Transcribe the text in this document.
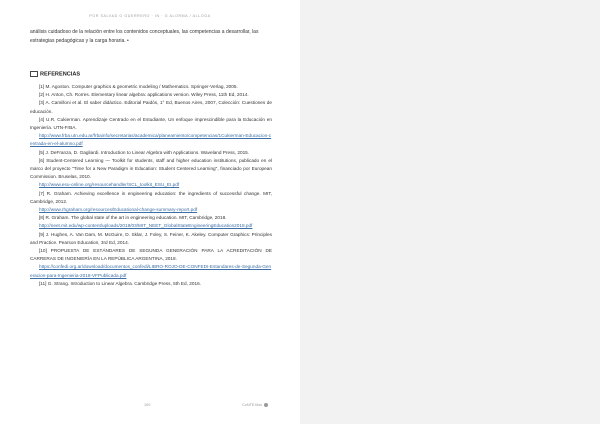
POR SALVAD O GUERRERO · IN · G ALORMA / ALLOGA
análisis cuidadoso de la relación entre los contenidos conceptuales, las competencias a desarrollar, las estrategias pedagógicas y la carga horaria. •
REFERENCIAS

[1] M. Agoston. Computer graphics & geometric modeling / Mathematics. Springer-Verlag, 2005.

[2] H. Anton, Ch. Rorres. Elementary linear algebra: applications version. Wiley Press, 11th Ed, 2014.

[3] A. Camilloni et al. El saber didáctico. Editorial Paidós, 1° Ed, Buenos Aires, 2007, Colección: Cuestiones de educación.

[4] U.R. Cukierman. Aprendizaje Centrado en el Estudiante, Un enfoque imprescindible para la Educación en Ingeniería. UTN-FrBA.

http://www.frba.utn.edu.ar/frbainfo/secretarias/academica/planeamiento/competencias/1Cukierman-Educacion-centrada-en-el-alumno.pdf

[5] J. DeFranza, D. Gagliardi. Introduction to Linear Algebra with Applications. Waveland Press, 2015.

[6] Student-Centered Learning — Toolkit for students, staff and higher education institutions, publicado en el marco del proyecto "Time for a New Paradigm in Education: Student Centered Learning", financiado por European Commission. Bruselas, 2010.

http://www.esu-online.org/resourcehandler/SCL_toolkit_ESU_EI.pdf

[7] R. Graham. Achieving excellence in engineering education: the ingredients of successful change. MIT, Cambridge, 2012.

http://www.rhgraham.org/resources/Educational-change-summary-report.pdf

[8] R. Graham. The global state of the art in engineering education. MIT, Cambridge, 2018.

http://neet.mit.edu/wp-content/uploads/2018/03/MIT_NEET_GlobalStateEngineeringEducation2018.pdf

[9] J. Hughes, A. Van Dam, M. McGuire, D. Sklar, J. Foley, S. Feiner, K. Akeley. Computer Graphics: Principles and Practice. Pearson Education, 3rd Ed, 2014.

[10] PROPUESTA DE ESTÁNDARES DE SEGUNDA GENERACIÓN PARA LA ACREDITACIÓN DE CARRERAS DE INGENIERÍA EN LA REPÚBLICA ARGENTINA, 2018.

https://confedi.org.ar/download/documentos_confedi/LIBRO-ROJO-DE-CONFEDI-Estandares-de-Segunda-Generacion-para-Ingenieria-2018-VFPublicada.pdf

[11] G. Strang. Introduction to Linear Algebra. Cambridge Press, 5th Ed, 2016.

100	CoNTEXtos
